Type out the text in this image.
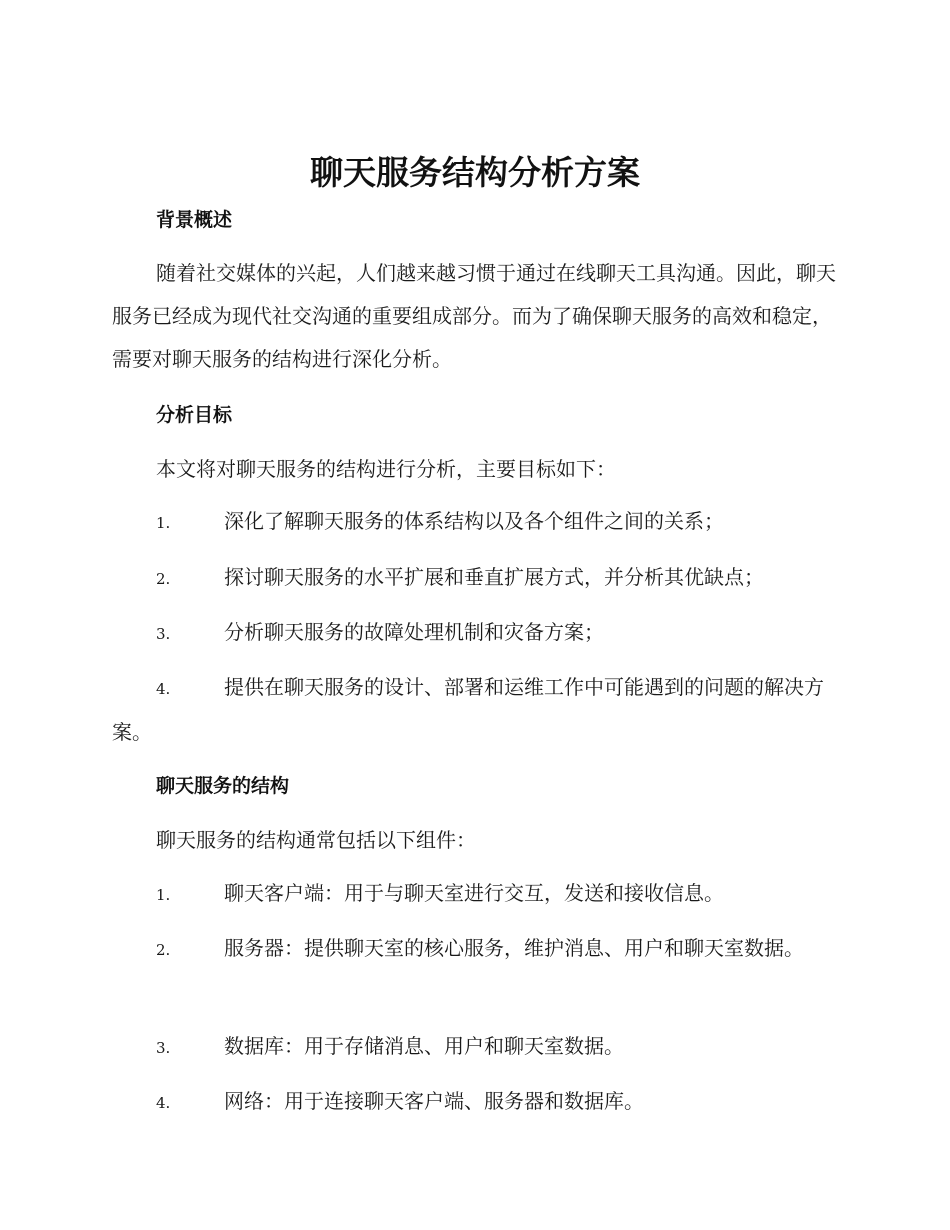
聊天服务结构分析方案
背景概述
随着社交媒体的兴起，人们越来越习惯于通过在线聊天工具沟通。因此，聊天服务已经成为现代社交沟通的重要组成部分。而为了确保聊天服务的高效和稳定，需要对聊天服务的结构进行深化分析。
分析目标
本文将对聊天服务的结构进行分析，主要目标如下：
1.	深化了解聊天服务的体系结构以及各个组件之间的关系；
2.	探讨聊天服务的水平扩展和垂直扩展方式，并分析其优缺点；
3.	分析聊天服务的故障处理机制和灾备方案；
4.	提供在聊天服务的设计、部署和运维工作中可能遇到的问题的解决方案。
聊天服务的结构
聊天服务的结构通常包括以下组件：
1.	聊天客户端：用于与聊天室进行交互，发送和接收信息。
2.	服务器：提供聊天室的核心服务，维护消息、用户和聊天室数据。
3.	数据库：用于存储消息、用户和聊天室数据。
4.	网络：用于连接聊天客户端、服务器和数据库。
